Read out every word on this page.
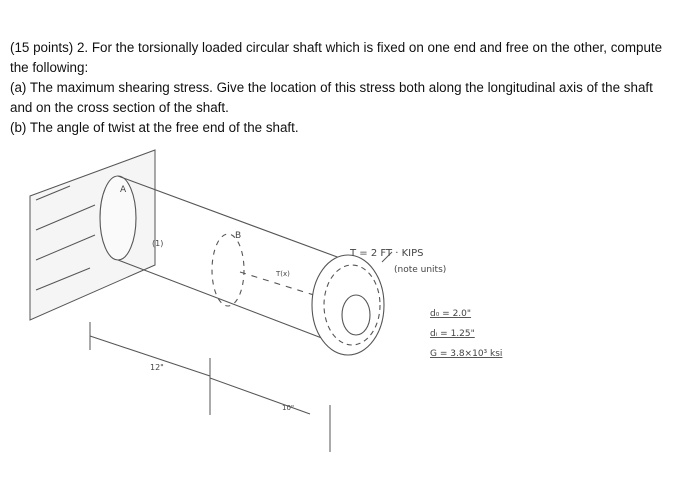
(15 points) 2. For the torsionally loaded circular shaft which is fixed on one end and free on the other, compute the following:

(a) The maximum shearing stress. Give the location of this stress both along the longitudinal axis of the shaft and on the cross section of the shaft.

(b) The angle of twist at the free end of the shaft.

A
B
(1)
T(x)
T = 2 FT · KIPS
(note units)
d₀ = 2.0"
dᵢ = 1.25"
G = 3.8×10³ ksi
12"
10"
